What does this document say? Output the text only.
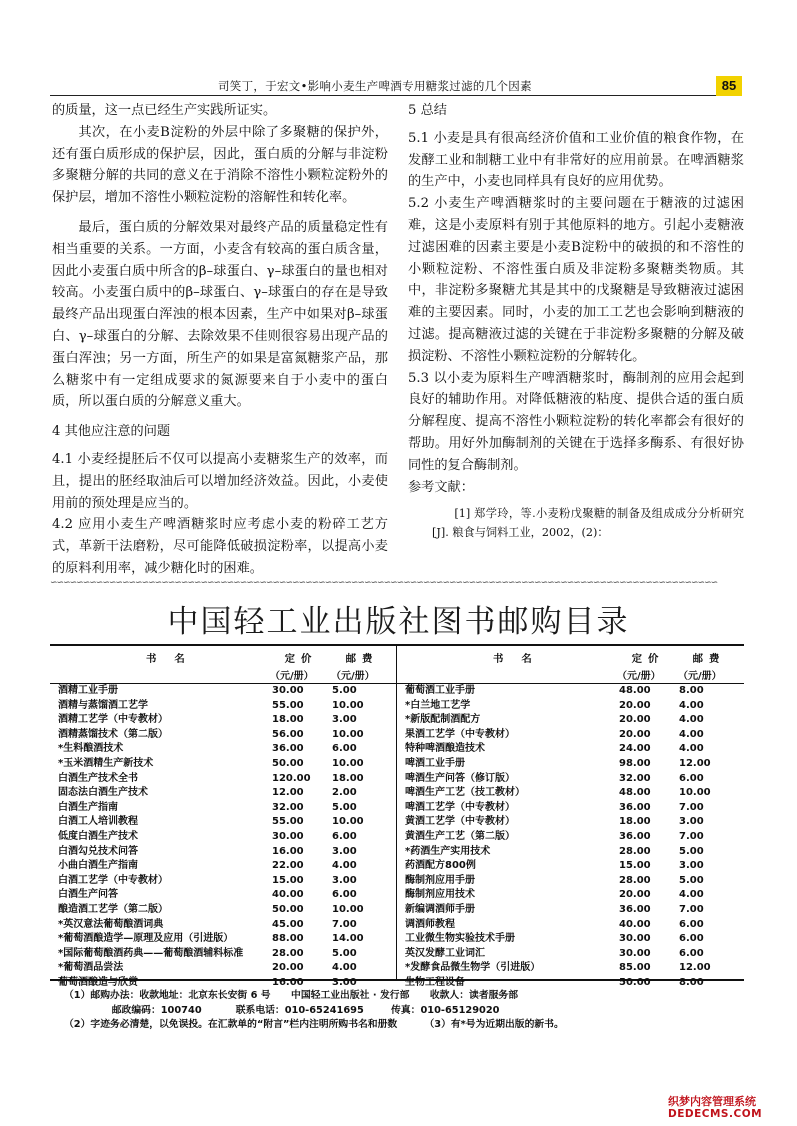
司笑丁，于宏文•影响小麦生产啤酒专用糖浆过滤的几个因素	85

的质量，这一点已经生产实践所证实。

其次，在小麦B淀粉的外层中除了多聚糖的保护外，还有蛋白质形成的保护层，因此，蛋白质的分解与非淀粉多聚糖分解的共同的意义在于消除不溶性小颗粒淀粉外的保护层，增加不溶性小颗粒淀粉的溶解性和转化率。

最后，蛋白质的分解效果对最终产品的质量稳定性有相当重要的关系。一方面，小麦含有较高的蛋白质含量，因此小麦蛋白质中所含的β–球蛋白、γ–球蛋白的量也相对较高。小麦蛋白质中的β–球蛋白、γ–球蛋白的存在是导致最终产品出现蛋白浑浊的根本因素，生产中如果对β–球蛋白、γ–球蛋白的分解、去除效果不佳则很容易出现产品的蛋白浑浊；另一方面，所生产的如果是富氮糖浆产品，那么糖浆中有一定组成要求的氮源要来自于小麦中的蛋白质，所以蛋白质的分解意义重大。

4 其他应注意的问题

4.1 小麦经提胚后不仅可以提高小麦糖浆生产的效率，而且，提出的胚经取油后可以增加经济效益。因此，小麦使用前的预处理是应当的。

4.2 应用小麦生产啤酒糖浆时应考虑小麦的粉碎工艺方式，革新干法磨粉，尽可能降低破损淀粉率，以提高小麦的原料利用率，减少糖化时的困难。

5 总结

5.1 小麦是具有很高经济价值和工业价值的粮食作物，在发酵工业和制糖工业中有非常好的应用前景。在啤酒糖浆的生产中，小麦也同样具有良好的应用优势。

5.2 小麦生产啤酒糖浆时的主要问题在于糖液的过滤困难，这是小麦原料有别于其他原料的地方。引起小麦糖液过滤困难的因素主要是小麦B淀粉中的破损的和不溶性的小颗粒淀粉、不溶性蛋白质及非淀粉多聚糖类物质。其中，非淀粉多聚糖尤其是其中的戊聚糖是导致糖液过滤困难的主要因素。同时，小麦的加工工艺也会影响到糖液的过滤。提高糖液过滤的关键在于非淀粉多聚糖的分解及破损淀粉、不溶性小颗粒淀粉的分解转化。

5.3 以小麦为原料生产啤酒糖浆时，酶制剂的应用会起到良好的辅助作用。对降低糖液的粘度、提供合适的蛋白质分解程度、提高不溶性小颗粒淀粉的转化率都会有很好的帮助。用好外加酶制剂的关键在于选择多酶系、有很好协同性的复合酶制剂。

参考文献：

[1] 郑学玲，等.小麦粉戊聚糖的制备及组成成分分析研究[J]. 粮食与饲料工业，2002，(2)：

∽∽∽∽∽∽∽∽∽∽∽∽∽∽∽∽∽∽∽∽∽∽∽∽∽∽∽∽∽∽∽∽∽∽∽∽∽∽∽∽∽∽∽∽∽∽∽∽∽∽∽∽∽∽∽∽∽∽∽∽∽∽∽∽∽∽∽∽∽∽∽∽∽∽∽∽∽∽∽∽∽∽∽∽∽∽∽∽∽∽∽∽∽∽∽∽∽∽∽∽∽∽
中国轻工业出版社图书邮购目录
书名	定价	邮费
（元/册） （元/册）
酒精工业手册	30.00	5.00
酒精与蒸馏酒工艺学	55.00	10.00
酒精工艺学（中专教材）	18.00	3.00
酒精蒸馏技术（第二版）	56.00	10.00
*生料酿酒技术	36.00	6.00
*玉米酒精生产新技术	50.00	10.00
白酒生产技术全书	120.00	18.00
固态法白酒生产技术	12.00	2.00
白酒生产指南	32.00	5.00
白酒工人培训教程	55.00	10.00
低度白酒生产技术	30.00	6.00
白酒勾兑技术问答	16.00	3.00
小曲白酒生产指南	22.00	4.00
白酒工艺学（中专教材）	15.00	3.00
白酒生产问答	40.00	6.00
酿造酒工艺学（第二版）	50.00	10.00
*英汉意法葡萄酿酒词典	45.00	7.00
*葡萄酒酿造学—原理及应用（引进版）	88.00	14.00
*国际葡萄酿酒药典——葡萄酿酒辅料标准	28.00	5.00
*葡萄酒品尝法	20.00	4.00
葡萄酒酿造与欣赏	16.00	3.00
书名	定价	邮费
（元/册） （元/册）
葡萄酒工业手册	48.00	8.00
*白兰地工艺学	20.00	4.00
*新版配制酒配方	20.00	4.00
果酒工艺学（中专教材）	20.00	4.00
特种啤酒酿造技术	24.00	4.00
啤酒工业手册	98.00	12.00
啤酒生产问答（修订版）	32.00	6.00
啤酒生产工艺（技工教材）	48.00	10.00
啤酒工艺学（中专教材）	36.00	7.00
黄酒工艺学（中专教材）	18.00	3.00
黄酒生产工艺（第二版）	36.00	7.00
*药酒生产实用技术	28.00	5.00
药酒配方800例	15.00	3.00
酶制剂应用手册	28.00	5.00
酶制剂应用技术	20.00	4.00
新编调酒师手册	36.00	7.00
调酒师教程	40.00	6.00
工业微生物实验技术手册	30.00	6.00
英汉发酵工业词汇	30.00	6.00
*发酵食品微生物学（引进版）	85.00	12.00
生物工程设备	50.00	8.00
（1）邮购办法：收款地址：北京东长安街 6 号      中国轻工业出版社 · 发行部      收款人：读者服务部
邮政编码：100740          联系电话：010-65241695        传真：010-65129020
（2）字迹务必清楚，以免误投。在汇款单的“附言”栏内注明所购书名和册数        （3）有*号为近期出版的新书。
织梦内容管理系统
DEDECMS.COM
